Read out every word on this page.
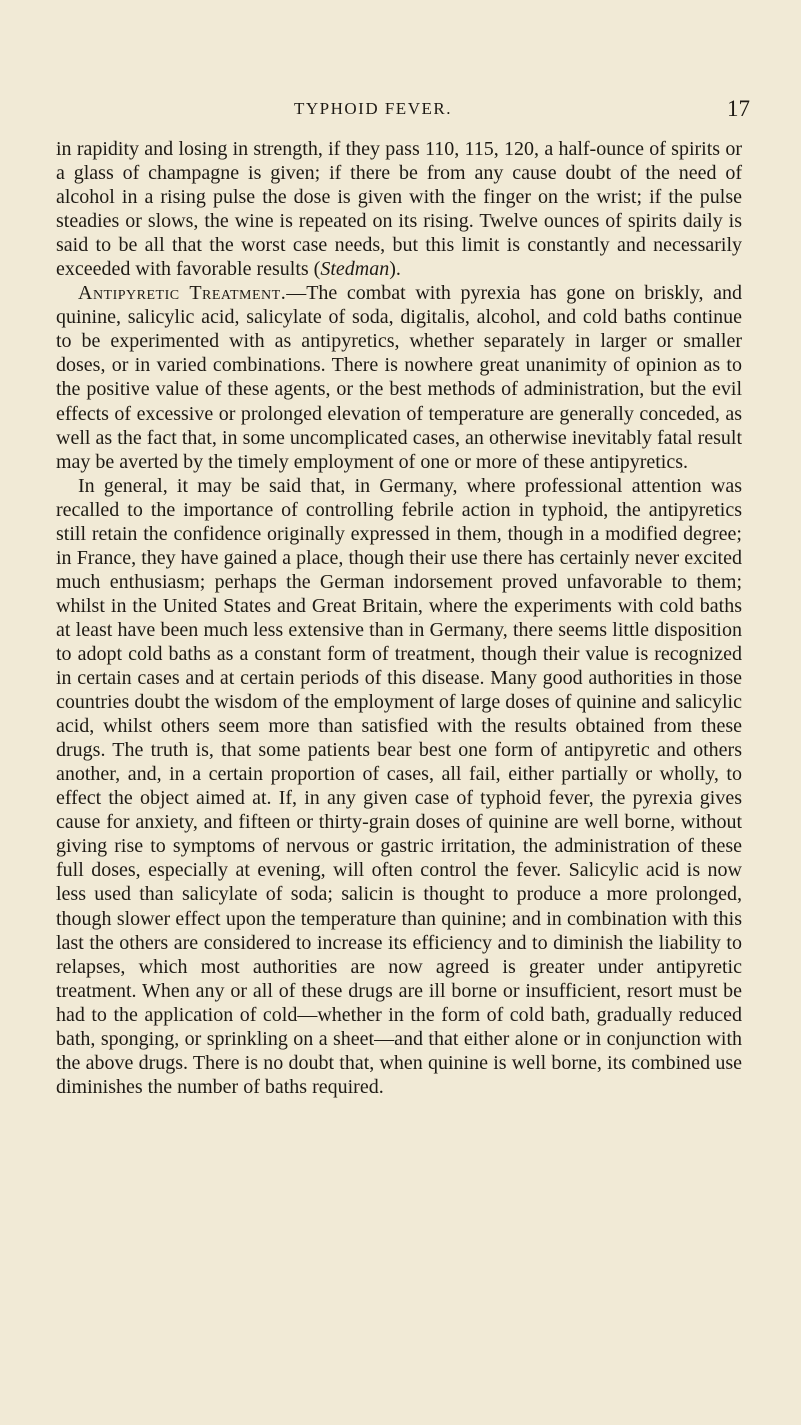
TYPHOID FEVER.	17

in rapidity and losing in strength, if they pass 110, 115, 120, a half-ounce of spirits or a glass of champagne is given; if there be from any cause doubt of the need of alcohol in a rising pulse the dose is given with the finger on the wrist; if the pulse steadies or slows, the wine is repeated on its rising. Twelve ounces of spirits daily is said to be all that the worst case needs, but this limit is constantly and necessarily exceeded with favorable results (Stedman).

Antipyretic Treatment.—The combat with pyrexia has gone on briskly, and quinine, salicylic acid, salicylate of soda, digitalis, alcohol, and cold baths continue to be experimented with as antipyretics, whether separately in larger or smaller doses, or in varied combinations. There is nowhere great unanimity of opinion as to the positive value of these agents, or the best methods of administration, but the evil effects of excessive or prolonged elevation of temperature are generally conceded, as well as the fact that, in some uncomplicated cases, an otherwise inevitably fatal result may be averted by the timely employment of one or more of these antipyretics.

In general, it may be said that, in Germany, where professional attention was recalled to the importance of controlling febrile action in typhoid, the antipyretics still retain the confidence originally expressed in them, though in a modified degree; in France, they have gained a place, though their use there has certainly never excited much enthusiasm; perhaps the German indorsement proved unfavorable to them; whilst in the United States and Great Britain, where the experiments with cold baths at least have been much less extensive than in Germany, there seems little disposition to adopt cold baths as a constant form of treatment, though their value is recognized in certain cases and at certain periods of this disease. Many good authorities in those countries doubt the wisdom of the employment of large doses of quinine and salicylic acid, whilst others seem more than satisfied with the results obtained from these drugs. The truth is, that some patients bear best one form of antipyretic and others another, and, in a certain proportion of cases, all fail, either partially or wholly, to effect the object aimed at. If, in any given case of typhoid fever, the pyrexia gives cause for anxiety, and fifteen or thirty-grain doses of quinine are well borne, without giving rise to symptoms of nervous or gastric irritation, the administration of these full doses, especially at evening, will often control the fever. Salicylic acid is now less used than salicylate of soda; salicin is thought to produce a more prolonged, though slower effect upon the temperature than quinine; and in combination with this last the others are considered to increase its efficiency and to diminish the liability to relapses, which most authorities are now agreed is greater under antipyretic treatment. When any or all of these drugs are ill borne or insufficient, resort must be had to the application of cold—whether in the form of cold bath, gradually reduced bath, sponging, or sprinkling on a sheet—and that either alone or in conjunction with the above drugs. There is no doubt that, when quinine is well borne, its combined use diminishes the number of baths required.
